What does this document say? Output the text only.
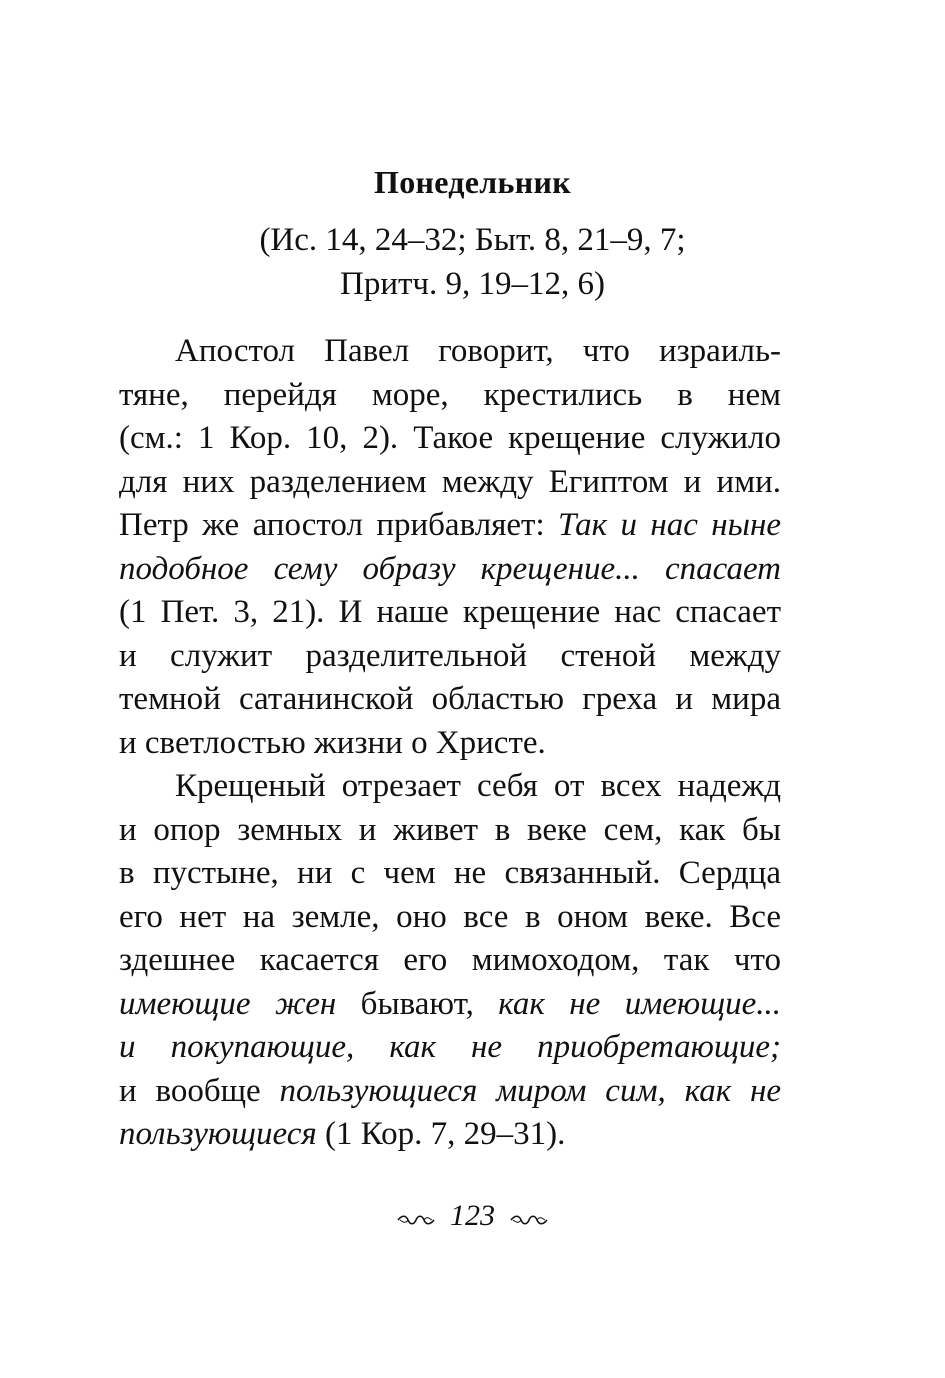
Понедельник
(Ис. 14, 24–32; Быт. 8, 21–9, 7;
Притч. 9, 19–12, 6)
Апостол Павел говорит, что израиль-
тяне, перейдя море, крестились в нем
(см.: 1 Кор. 10, 2). Такое крещение служило
для них разделением между Египтом и ими.
Петр же апостол прибавляет: Так и нас ныне
подобное сему образу крещение... спасает
(1 Пет. 3, 21). И наше крещение нас спасает
и служит разделительной стеной между
темной сатанинской областью греха и мира
и светлостью жизни о Христе.
Крещеный отрезает себя от всех надежд
и опор земных и живет в веке сем, как бы
в пустыне, ни с чем не связанный. Сердца
его нет на земле, оно все в оном веке. Все
здешнее касается его мимоходом, так что
имеющие жен бывают, как не имеющие...
и покупающие, как не приобретающие;
и вообще пользующиеся миром сим, как не
пользующиеся (1 Кор. 7, 29–31).
123
